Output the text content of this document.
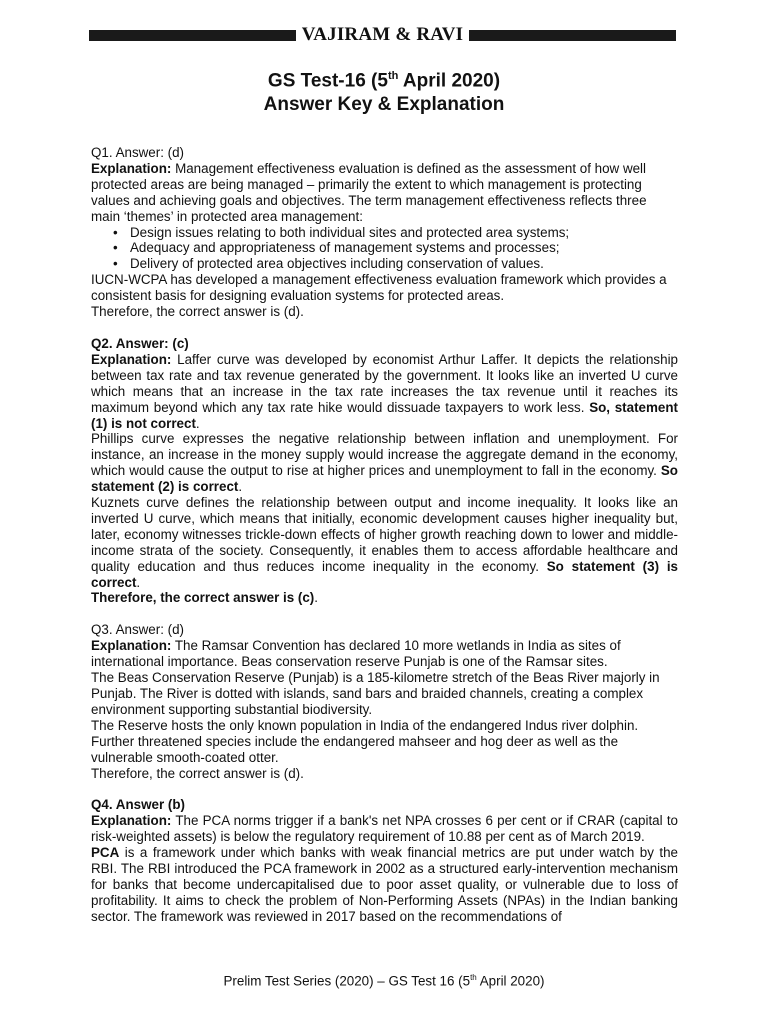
VAJIRAM & RAVI
GS Test-16 (5th April 2020)
Answer Key & Explanation

Q1. Answer: (d)

Explanation: Management effectiveness evaluation is defined as the assessment of how well protected areas are being managed – primarily the extent to which management is protecting values and achieving goals and objectives. The term management effectiveness reflects three main ‘themes’ in protected area management:

• Design issues relating to both individual sites and protected area systems;
• Adequacy and appropriateness of management systems and processes;
• Delivery of protected area objectives including conservation of values.

IUCN-WCPA has developed a management effectiveness evaluation framework which provides a consistent basis for designing evaluation systems for protected areas.

Therefore, the correct answer is (d).

Q2. Answer: (c)

Explanation: Laffer curve was developed by economist Arthur Laffer. It depicts the relationship between tax rate and tax revenue generated by the government. It looks like an inverted U curve which means that an increase in the tax rate increases the tax revenue until it reaches its maximum beyond which any tax rate hike would dissuade taxpayers to work less. So, statement (1) is not correct.

Phillips curve expresses the negative relationship between inflation and unemployment. For instance, an increase in the money supply would increase the aggregate demand in the economy, which would cause the output to rise at higher prices and unemployment to fall in the economy. So statement (2) is correct.

Kuznets curve defines the relationship between output and income inequality. It looks like an inverted U curve, which means that initially, economic development causes higher inequality but, later, economy witnesses trickle-down effects of higher growth reaching down to lower and middle-income strata of the society. Consequently, it enables them to access affordable healthcare and quality education and thus reduces income inequality in the economy. So statement (3) is correct.

Therefore, the correct answer is (c).

Q3. Answer: (d)

Explanation: The Ramsar Convention has declared 10 more wetlands in India as sites of international importance. Beas conservation reserve Punjab is one of the Ramsar sites.

The Beas Conservation Reserve (Punjab) is a 185-kilometre stretch of the Beas River majorly in Punjab. The River is dotted with islands, sand bars and braided channels, creating a complex environment supporting substantial biodiversity.

The Reserve hosts the only known population in India of the endangered Indus river dolphin. Further threatened species include the endangered mahseer and hog deer as well as the vulnerable smooth-coated otter.

Therefore, the correct answer is (d).

Q4. Answer (b)

Explanation: The PCA norms trigger if a bank's net NPA crosses 6 per cent or if CRAR (capital to risk-weighted assets) is below the regulatory requirement of 10.88 per cent as of March 2019.

PCA is a framework under which banks with weak financial metrics are put under watch by the RBI. The RBI introduced the PCA framework in 2002 as a structured early-intervention mechanism for banks that become undercapitalised due to poor asset quality, or vulnerable due to loss of profitability. It aims to check the problem of Non-Performing Assets (NPAs) in the Indian banking sector. The framework was reviewed in 2017 based on the recommendations of

Prelim Test Series (2020) – GS Test 16 (5th April 2020)
